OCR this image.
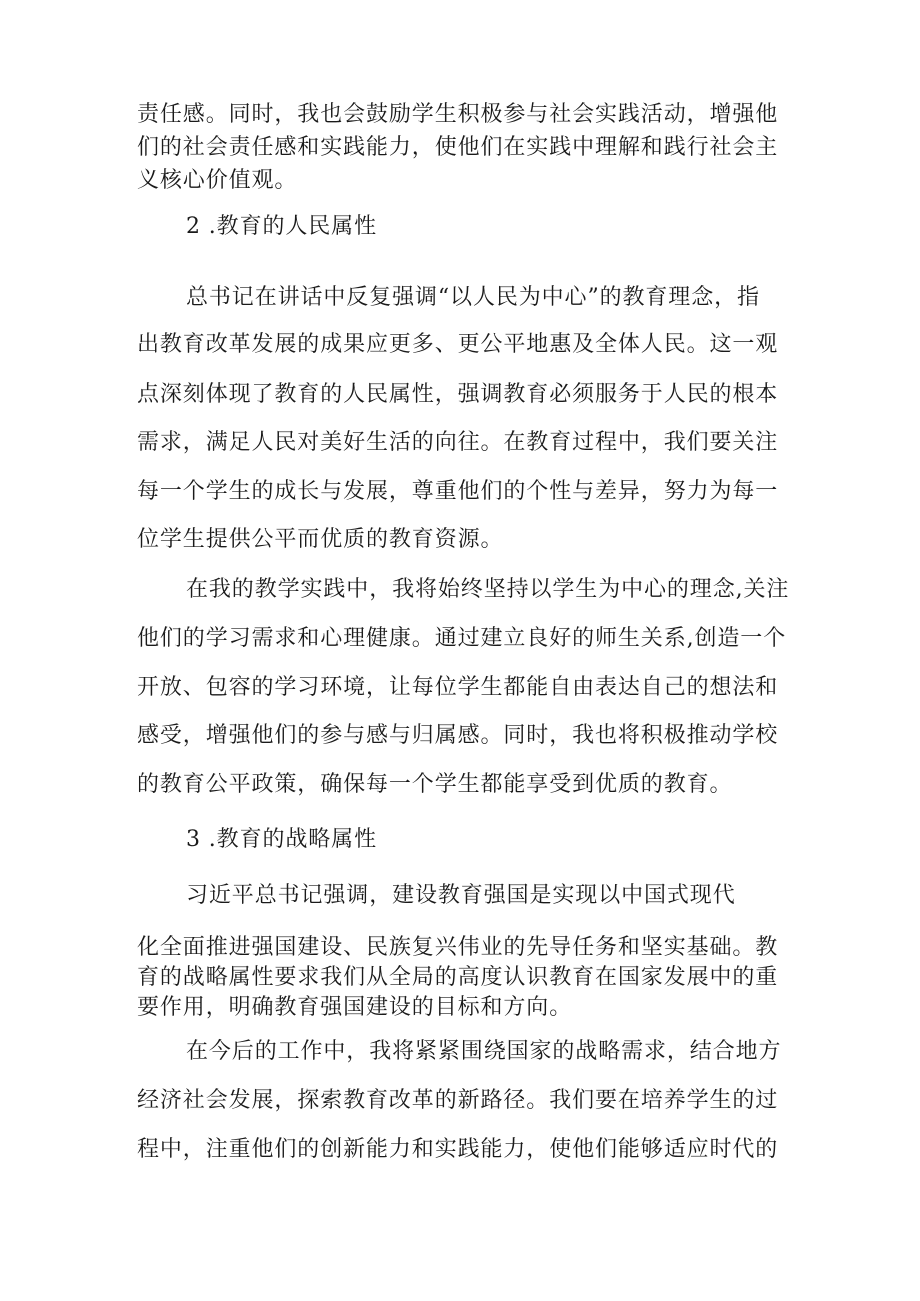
责任感。同时，我也会鼓励学生积极参与社会实践活动，增强他
们的社会责任感和实践能力，使他们在实践中理解和践行社会主
义核心价值观。
2 .教育的人民属性
总书记在讲话中反复强调“以人民为中心”的教育理念，指
出教育改革发展的成果应更多、更公平地惠及全体人民。这一观
点深刻体现了教育的人民属性，强调教育必须服务于人民的根本
需求，满足人民对美好生活的向往。在教育过程中，我们要关注
每一个学生的成长与发展，尊重他们的个性与差异，努力为每一
位学生提供公平而优质的教育资源。
在我的教学实践中，我将始终坚持以学生为中心的理念,关注
他们的学习需求和心理健康。通过建立良好的师生关系,创造一个
开放、包容的学习环境，让每位学生都能自由表达自己的想法和
感受，增强他们的参与感与归属感。同时，我也将积极推动学校
的教育公平政策，确保每一个学生都能享受到优质的教育。
3 .教育的战略属性
习近平总书记强调，建设教育强国是实现以中国式现代
化全面推进强国建设、民族复兴伟业的先导任务和坚实基础。教
育的战略属性要求我们从全局的高度认识教育在国家发展中的重
要作用，明确教育强国建设的目标和方向。
在今后的工作中，我将紧紧围绕国家的战略需求，结合地方
经济社会发展，探索教育改革的新路径。我们要在培养学生的过
程中，注重他们的创新能力和实践能力，使他们能够适应时代的
